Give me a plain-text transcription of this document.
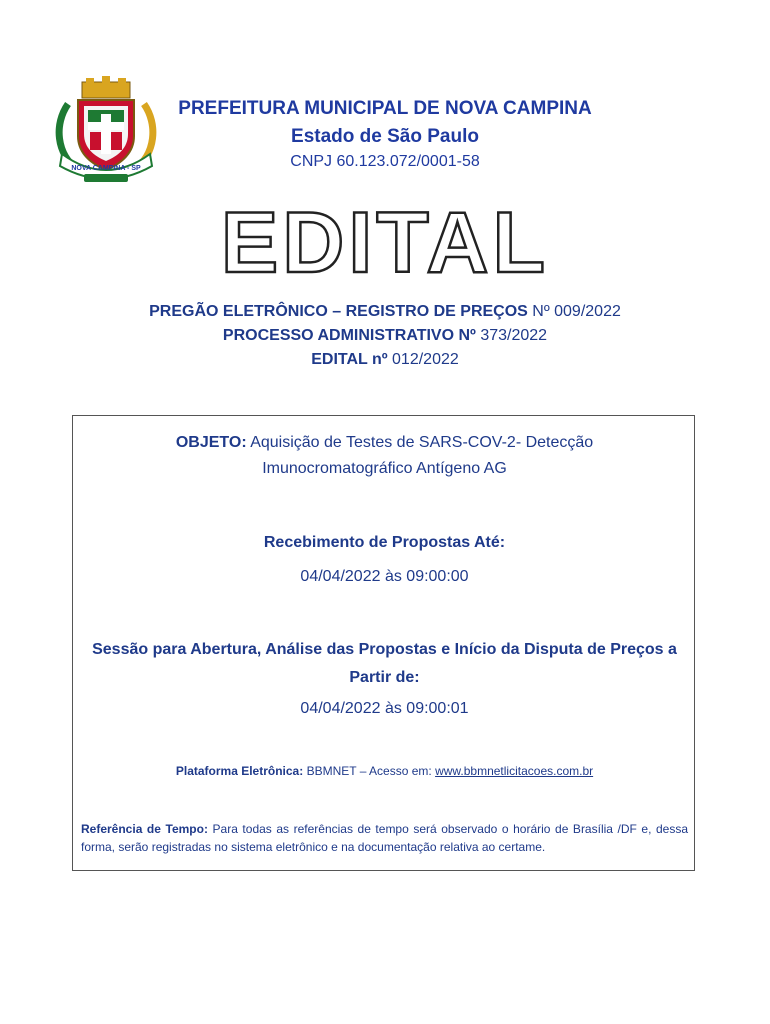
NOVA CAMPINA - SP
PREFEITURA MUNICIPAL DE NOVA CAMPINA
Estado de São Paulo
CNPJ 60.123.072/0001-58
EDITAL
PREGÃO ELETRÔNICO – REGISTRO DE PREÇOS Nº 009/2022
PROCESSO ADMINISTRATIVO Nº 373/2022
EDITAL nº 012/2022
OBJETO: Aquisição de Testes de SARS-COV-2- Detecção
Imunocromatográfico Antígeno AG
Recebimento de Propostas Até:
04/04/2022 às 09:00:00
Sessão para Abertura, Análise das Propostas e Início da Disputa de Preços a Partir de:
04/04/2022 às 09:00:01
Plataforma Eletrônica: BBMNET – Acesso em: www.bbmnetlicitacoes.com.br
Referência de Tempo: Para todas as referências de tempo será observado o horário de Brasília /DF e, dessa forma, serão registradas no sistema eletrônico e na documentação relativa ao certame.
